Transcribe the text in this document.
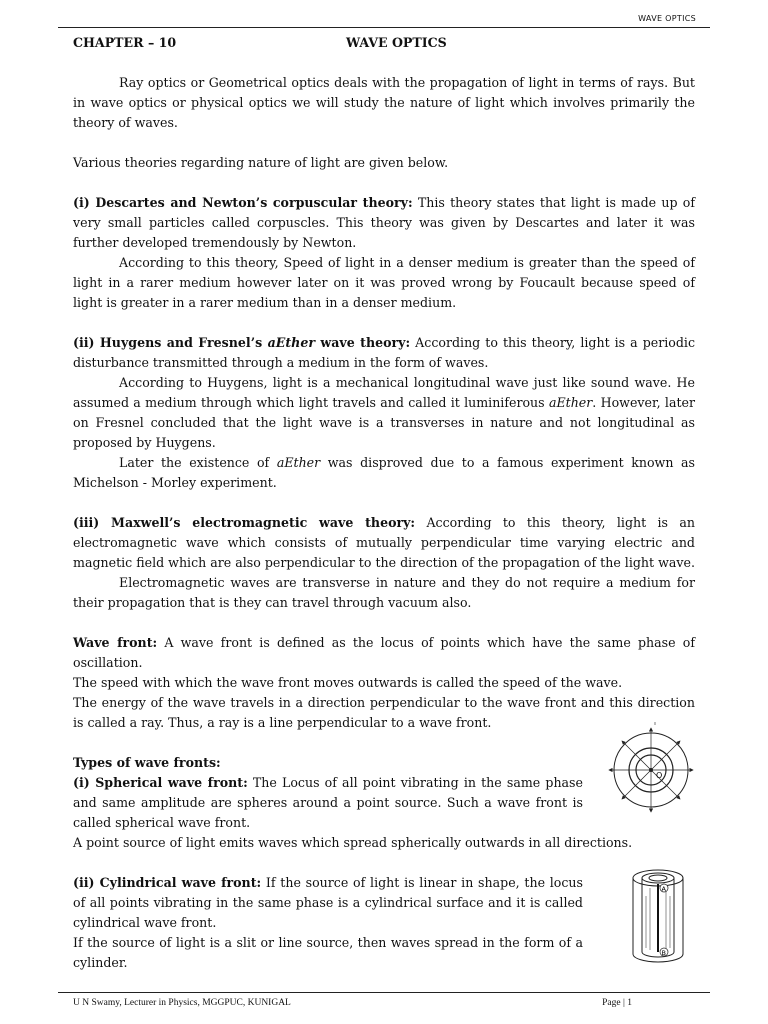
WAVE OPTICS
CHAPTER – 10	WAVE OPTICS

Ray optics or Geometrical optics deals with the propagation of light in terms of rays. But in wave optics or physical optics we will study the nature of light which involves primarily the theory of waves.

Various theories regarding nature of light are given below.

(i) Descartes and Newton’s corpuscular theory: This theory states that light is made up of very small particles called corpuscles. This theory was given by Descartes and later it was further developed tremendously by Newton.

According to this theory, Speed of light in a denser medium is greater than the speed of light in a rarer medium however later on it was proved wrong by Foucault because speed of light is greater in a rarer medium than in a denser medium.

(ii) Huygens and Fresnel’s aEther wave theory: According to this theory, light is a periodic disturbance transmitted through a medium in the form of waves.

According to Huygens, light is a mechanical longitudinal wave just like sound wave. He assumed a medium through which light travels and called it luminiferous aEther. However, later on Fresnel concluded that the light wave is a transverses in nature and not longitudinal as proposed by Huygens.

Later the existence of aEther was disproved due to a famous experiment known as Michelson - Morley experiment.

(iii) Maxwell’s electromagnetic wave theory: According to this theory, light is an electromagnetic wave which consists of mutually perpendicular time varying electric and magnetic field which are also perpendicular to the direction of the propagation of the light wave.

Electromagnetic waves are transverse in nature and they do not require a medium for their propagation that is they can travel through vacuum also.

Wave front: A wave front is defined as the locus of points which have the same phase of oscillation.

The speed with which the wave front moves outwards is called the speed of the wave.

The energy of the wave travels in a direction perpendicular to the wave front and this direction is called a ray. Thus, a ray is a line perpendicular to a wave front.

Types of wave fronts:

(i) Spherical wave front: The Locus of all point vibrating in the same phase and same amplitude are spheres around a point source. Such a wave front is called spherical wave front.

A point source of light emits waves which spread spherically outwards in all directions.

(ii) Cylindrical wave front: If the source of light is linear in shape, the locus of all points vibrating in the same phase is a cylindrical surface and it is called cylindrical wave front.

If the source of light is a slit or line source, then waves spread in the form of a cylinder.

O
A
B
U N Swamy, Lecturer in Physics, MGGPUC, KUNIGAL	Page | 1
